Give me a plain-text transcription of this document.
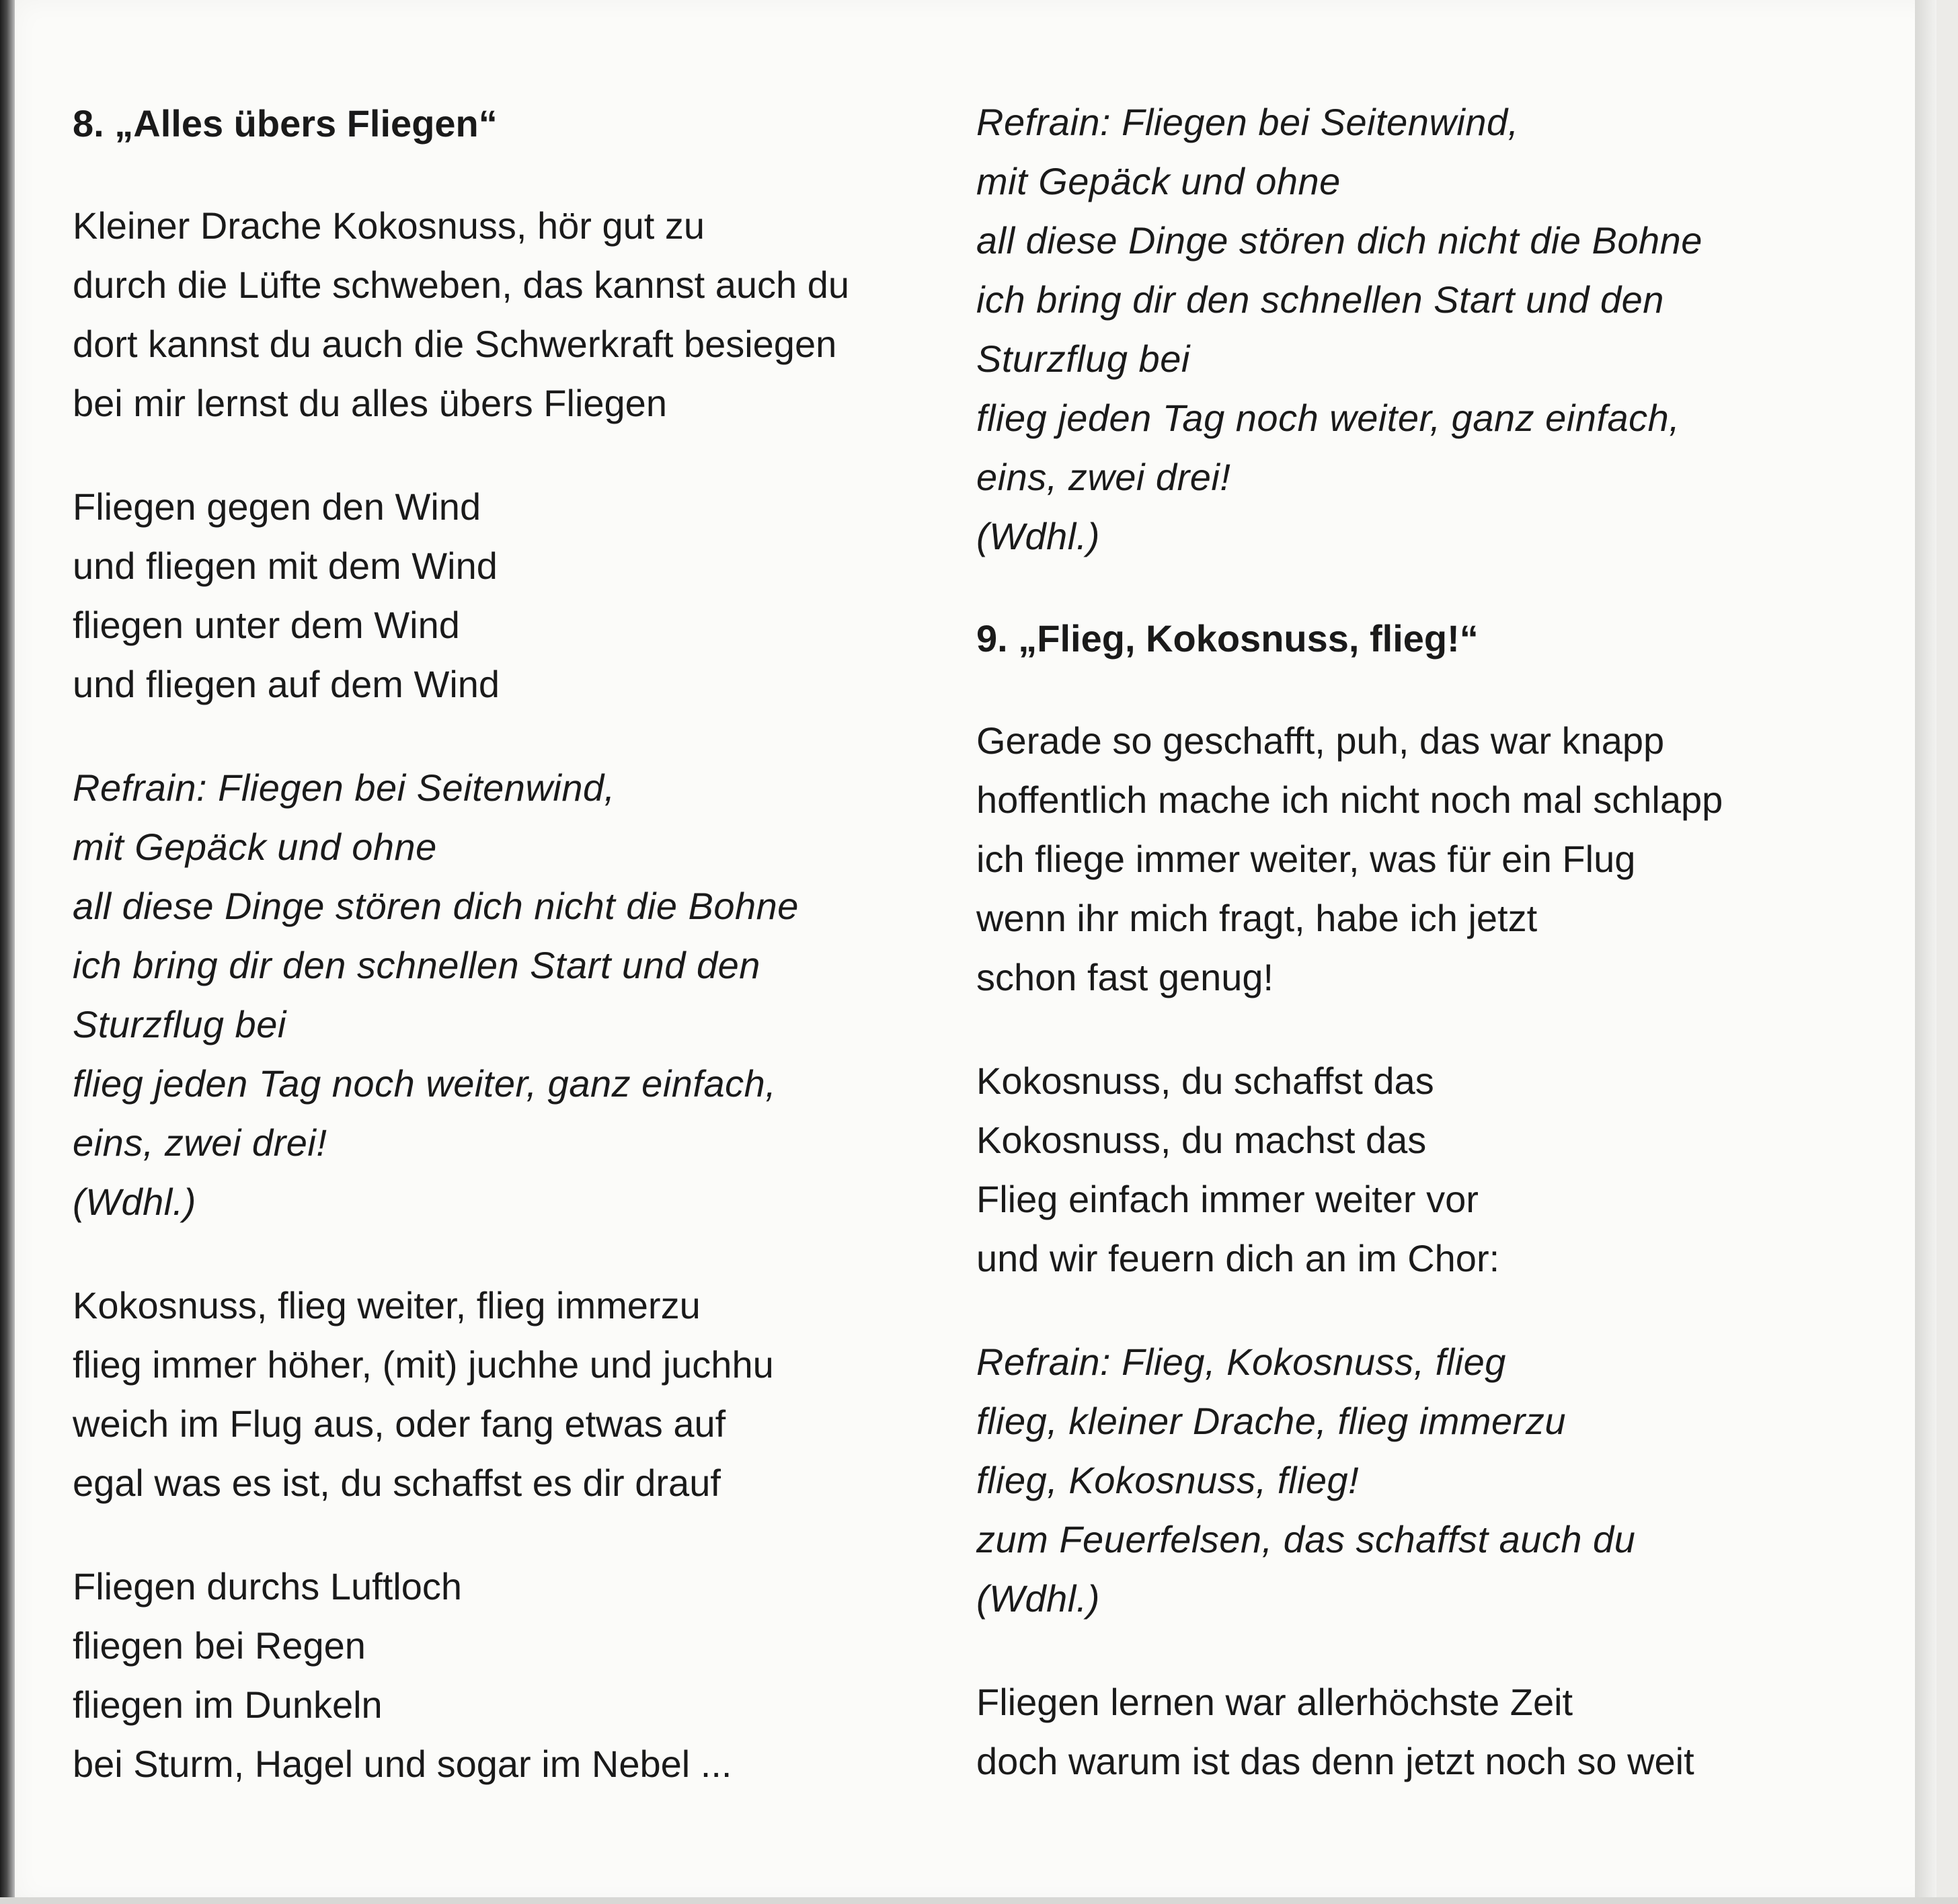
8. „Alles übers Fliegen“
Kleiner Drache Kokosnuss, hör gut zu
durch die Lüfte schweben, das kannst auch du
dort kannst du auch die Schwerkraft besiegen
bei mir lernst du alles übers Fliegen
Fliegen gegen den Wind
und fliegen mit dem Wind
fliegen unter dem Wind
und fliegen auf dem Wind
Refrain: Fliegen bei Seitenwind,
mit Gepäck und ohne
all diese Dinge stören dich nicht die Bohne
ich bring dir den schnellen Start und den
Sturzflug bei
flieg jeden Tag noch weiter, ganz einfach,
eins, zwei drei!
(Wdhl.)
Kokosnuss, flieg weiter, flieg immerzu
flieg immer höher, (mit) juchhe und juchhu
weich im Flug aus, oder fang etwas auf
egal was es ist, du schaffst es dir drauf
Fliegen durchs Luftloch
fliegen bei Regen
fliegen im Dunkeln
bei Sturm, Hagel und sogar im Nebel ...
Refrain: Fliegen bei Seitenwind,
mit Gepäck und ohne
all diese Dinge stören dich nicht die Bohne
ich bring dir den schnellen Start und den
Sturzflug bei
flieg jeden Tag noch weiter, ganz einfach,
eins, zwei drei!
(Wdhl.)
9. „Flieg, Kokosnuss, flieg!“
Gerade so geschafft, puh, das war knapp
hoffentlich mache ich nicht noch mal schlapp
ich fliege immer weiter, was für ein Flug
wenn ihr mich fragt, habe ich jetzt
schon fast genug!
Kokosnuss, du schaffst das
Kokosnuss, du machst das
Flieg einfach immer weiter vor
und wir feuern dich an im Chor:
Refrain: Flieg, Kokosnuss, flieg
flieg, kleiner Drache, flieg immerzu
flieg, Kokosnuss, flieg!
zum Feuerfelsen, das schaffst auch du
(Wdhl.)
Fliegen lernen war allerhöchste Zeit
doch warum ist das denn jetzt noch so weit
